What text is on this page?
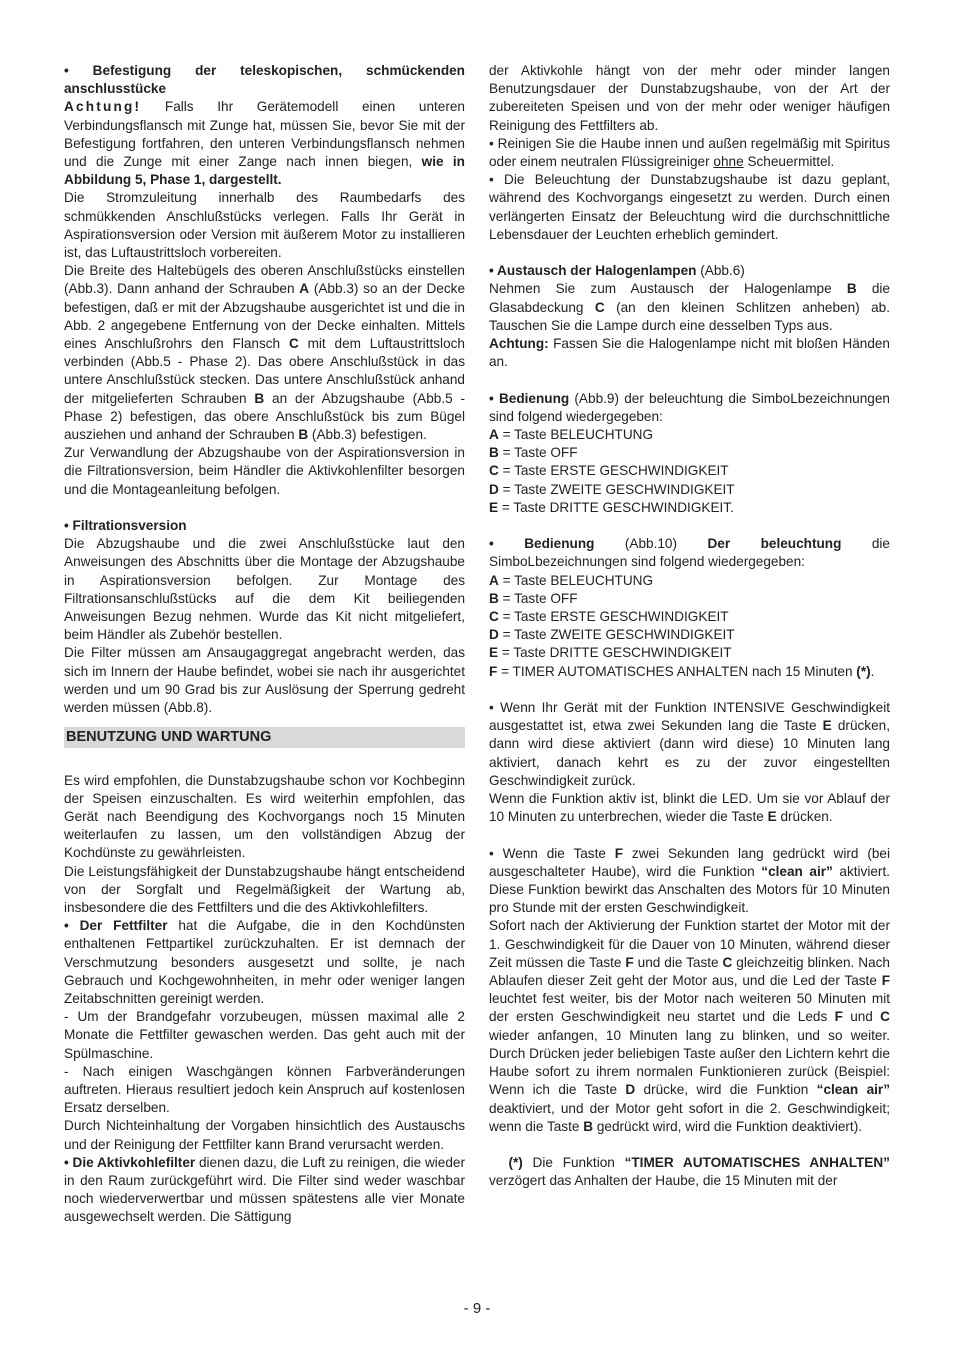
• Befestigung der teleskopischen, schmückenden anschlusstücke

Achtung! Falls Ihr Gerätemodell einen unteren Verbindungsflansch mit Zunge hat, müssen Sie, bevor Sie mit der Befestigung fortfahren, den unteren Verbindungsflansch nehmen und die Zunge mit einer Zange nach innen biegen, wie in Abbildung 5, Phase 1, dargestellt.

Die Stromzuleitung innerhalb des Raumbedarfs des schmükkenden Anschlußstücks verlegen. Falls Ihr Gerät in Aspirationsversion oder Version mit äußerem Motor zu installieren ist, das Luftaustrittsloch vorbereiten.

Die Breite des Haltebügels des oberen Anschlußstücks einstellen (Abb.3). Dann anhand der Schrauben A (Abb.3) so an der Decke befestigen, daß er mit der Abzugshaube ausgerichtet ist und die in Abb. 2 angegebene Entfernung von der Decke einhalten. Mittels eines Anschlußrohrs den Flansch C mit dem Luftaustrittsloch verbinden (Abb.5 - Phase 2). Das obere Anschlußstück in das untere Anschlußstück stecken. Das untere Anschlußstück anhand der mitgelieferten Schrauben B an der Abzugshaube (Abb.5 - Phase 2) befestigen, das obere Anschlußstück bis zum Bügel ausziehen und anhand der Schrauben B (Abb.3) befestigen.

Zur Verwandlung der Abzugshaube von der Aspirationsversion in die Filtrationsversion, beim Händler die Aktivkohlenfilter besorgen und die Montageanleitung befolgen.

• Filtrationsversion

Die Abzugshaube und die zwei Anschlußstücke laut den Anweisungen des Abschnitts über die Montage der Abzugshaube in Aspirationsversion befolgen. Zur Montage des Filtrationsanschlußstücks auf die dem Kit beiliegenden Anweisungen Bezug nehmen. Wurde das Kit nicht mitgeliefert, beim Händler als Zubehör bestellen.

Die Filter müssen am Ansaugaggregat angebracht werden, das sich im Innern der Haube befindet, wobei sie nach ihr ausgerichtet werden und um 90 Grad bis zur Auslösung der Sperrung gedreht werden müssen (Abb.8).

BENUTZUNG UND WARTUNG

Es wird empfohlen, die Dunstabzugshaube schon vor Kochbeginn der Speisen einzuschalten. Es wird weiterhin empfohlen, das Gerät nach Beendigung des Kochvorgangs noch 15 Minuten weiterlaufen zu lassen, um den vollständigen Abzug der Kochdünste zu gewährleisten.

Die Leistungsfähigkeit der Dunstabzugshaube hängt entscheidend von der Sorgfalt und Regelmäßigkeit der Wartung ab, insbesondere die des Fettfilters und die des Aktivkohlefilters.

• Der Fettfilter hat die Aufgabe, die in den Kochdünsten enthaltenen Fettpartikel zurückzuhalten. Er ist demnach der Verschmutzung besonders ausgesetzt und sollte, je nach Gebrauch und Kochgewohnheiten, in mehr oder weniger langen Zeitabschnitten gereinigt werden.

- Um der Brandgefahr vorzubeugen, müssen maximal alle 2 Monate die Fettfilter gewaschen werden. Das geht auch mit der Spülmaschine.

- Nach einigen Waschgängen können Farbveränderungen auftreten. Hieraus resultiert jedoch kein Anspruch auf kostenlosen Ersatz derselben.

Durch Nichteinhaltung der Vorgaben hinsichtlich des Austauschs und der Reinigung der Fettfilter kann Brand verursacht werden.

• Die Aktivkohlefilter dienen dazu, die Luft zu reinigen, die wieder in den Raum zurückgeführt wird. Die Filter sind weder waschbar noch wiederverwertbar und müssen spätestens alle vier Monate ausgewechselt werden. Die Sättigung

der Aktivkohle hängt von der mehr oder minder langen Benutzungsdauer der Dunstabzugshaube, von der Art der zubereiteten Speisen und von der mehr oder weniger häufigen Reinigung des Fettfilters ab.

• Reinigen Sie die Haube innen und außen regelmäßig mit Spiritus oder einem neutralen Flüssigreiniger ohne Scheuermittel.

• Die Beleuchtung der Dunstabzugshaube ist dazu geplant, während des Kochvorgangs eingesetzt zu werden. Durch einen verlängerten Einsatz der Beleuchtung wird die durchschnittliche Lebensdauer der Leuchten erheblich gemindert.

• Austausch der Halogenlampen (Abb.6)

Nehmen Sie zum Austausch der Halogenlampe B die Glasabdeckung C (an den kleinen Schlitzen anheben) ab. Tauschen Sie die Lampe durch eine desselben Typs aus.

Achtung: Fassen Sie die Halogenlampe nicht mit bloßen Händen an.

• Bedienung (Abb.9) der beleuchtung die SimboLbezeichnungen sind folgend wiedergegeben:

A = Taste BELEUCHTUNG

B = Taste OFF

C = Taste ERSTE GESCHWINDIGKEIT

D = Taste ZWEITE GESCHWINDIGKEIT

E = Taste DRITTE GESCHWINDIGKEIT.

• Bedienung (Abb.10) Der beleuchtung die SimboLbezeichnungen sind folgend wiedergegeben:

A = Taste BELEUCHTUNG

B = Taste OFF

C = Taste ERSTE GESCHWINDIGKEIT

D = Taste ZWEITE GESCHWINDIGKEIT

E = Taste DRITTE GESCHWINDIGKEIT

F = TIMER AUTOMATISCHES ANHALTEN nach 15 Minuten (*).

• Wenn Ihr Gerät mit der Funktion INTENSIVE Geschwindigkeit ausgestattet ist, etwa zwei Sekunden lang die Taste E drücken, dann wird diese aktiviert (dann wird diese) 10 Minuten lang aktiviert, danach kehrt es zu der zuvor eingestellten Geschwindigkeit zurück.

Wenn die Funktion aktiv ist, blinkt die LED. Um sie vor Ablauf der 10 Minuten zu unterbrechen, wieder die Taste E drücken.

• Wenn die Taste F zwei Sekunden lang gedrückt wird (bei ausgeschalteter Haube), wird die Funktion “clean air” aktiviert. Diese Funktion bewirkt das Anschalten des Motors für 10 Minuten pro Stunde mit der ersten Geschwindigkeit.

Sofort nach der Aktivierung der Funktion startet der Motor mit der 1. Geschwindigkeit für die Dauer von 10 Minuten, während dieser Zeit müssen die Taste F und die Taste C gleichzeitig blinken. Nach Ablaufen dieser Zeit geht der Motor aus, und die Led der Taste F leuchtet fest weiter, bis der Motor nach weiteren 50 Minuten mit der ersten Geschwindigkeit neu startet und die Leds F und C wieder anfangen, 10 Minuten lang zu blinken, und so weiter. Durch Drücken jeder beliebigen Taste außer den Lichtern kehrt die Haube sofort zu ihrem normalen Funktionieren zurück (Beispiel: Wenn ich die Taste D drücke, wird die Funktion “clean air” deaktiviert, und der Motor geht sofort in die 2. Geschwindigkeit; wenn die Taste B gedrückt wird, wird die Funktion deaktiviert).

(*) Die Funktion “TIMER AUTOMATISCHES ANHALTEN” verzögert das Anhalten der Haube, die 15 Minuten mit der

- 9 -
